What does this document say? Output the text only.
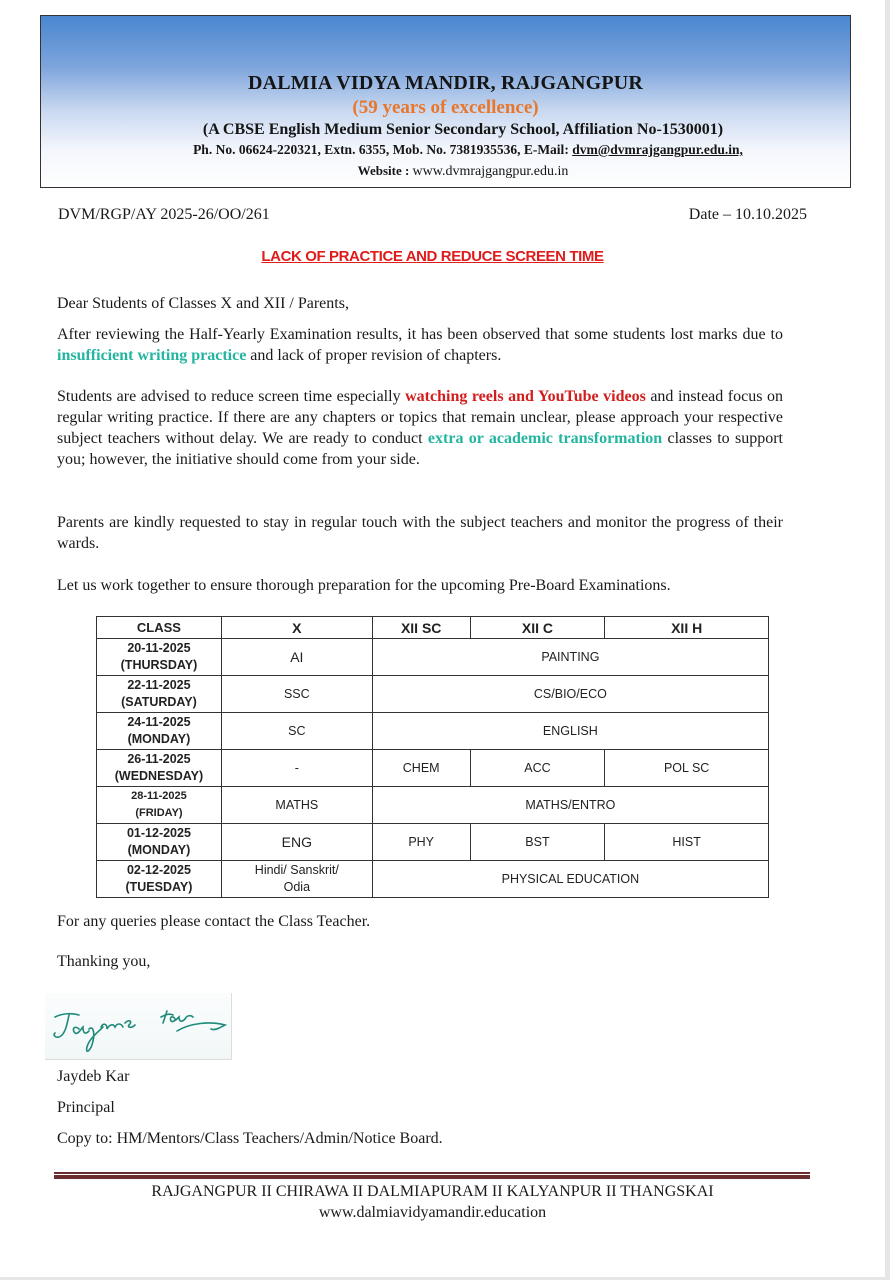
DALMIA VIDYA MANDIR, RAJGANGPUR
(59 years of excellence)
(A CBSE English Medium Senior Secondary School, Affiliation No-1530001)
Ph. No. 06624-220321, Extn. 6355, Mob. No. 7381935536, E-Mail: dvm@dvmrajgangpur.edu.in,
Website : www.dvmrajgangpur.edu.in
DVM/RGP/AY 2025-26/OO/261	Date – 10.10.2025
LACK OF PRACTICE AND REDUCE SCREEN TIME
Dear Students of Classes X and XII / Parents,
After reviewing the Half-Yearly Examination results, it has been observed that some students lost marks due to insufficient writing practice and lack of proper revision of chapters.
Students are advised to reduce screen time especially watching reels and YouTube videos and instead focus on regular writing practice. If there are any chapters or topics that remain unclear, please approach your respective subject teachers without delay. We are ready to conduct extra or academic transformation classes to support you; however, the initiative should come from your side.
Parents are kindly requested to stay in regular touch with the subject teachers and monitor the progress of their wards.
Let us work together to ensure thorough preparation for the upcoming Pre-Board Examinations.
CLASS	X	XII SC	XII C	XII H

20-11-2025
(THURSDAY)	AI	PAINTING		

22-11-2025
(SATURDAY)	SSC	CS/BIO/ECO		

24-11-2025
(MONDAY)	SC	ENGLISH		

26-11-2025
(WEDNESDAY)	-	CHEM	ACC	POL SC

28-11-2025
(FRIDAY)	MATHS	MATHS/ENTRO		

01-12-2025
(MONDAY)	ENG	PHY	BST	HIST

02-12-2025
(TUESDAY)	Hindi/ Sanskrit/ Odia	PHYSICAL EDUCATION		
For any queries please contact the Class Teacher.
Thanking you,
Jaydeb Kar
Principal
Copy to: HM/Mentors/Class Teachers/Admin/Notice Board.
RAJGANGPUR II CHIRAWA II DALMIAPURAM II KALYANPUR II THANGSKAI
www.dalmiavidyamandir.education
